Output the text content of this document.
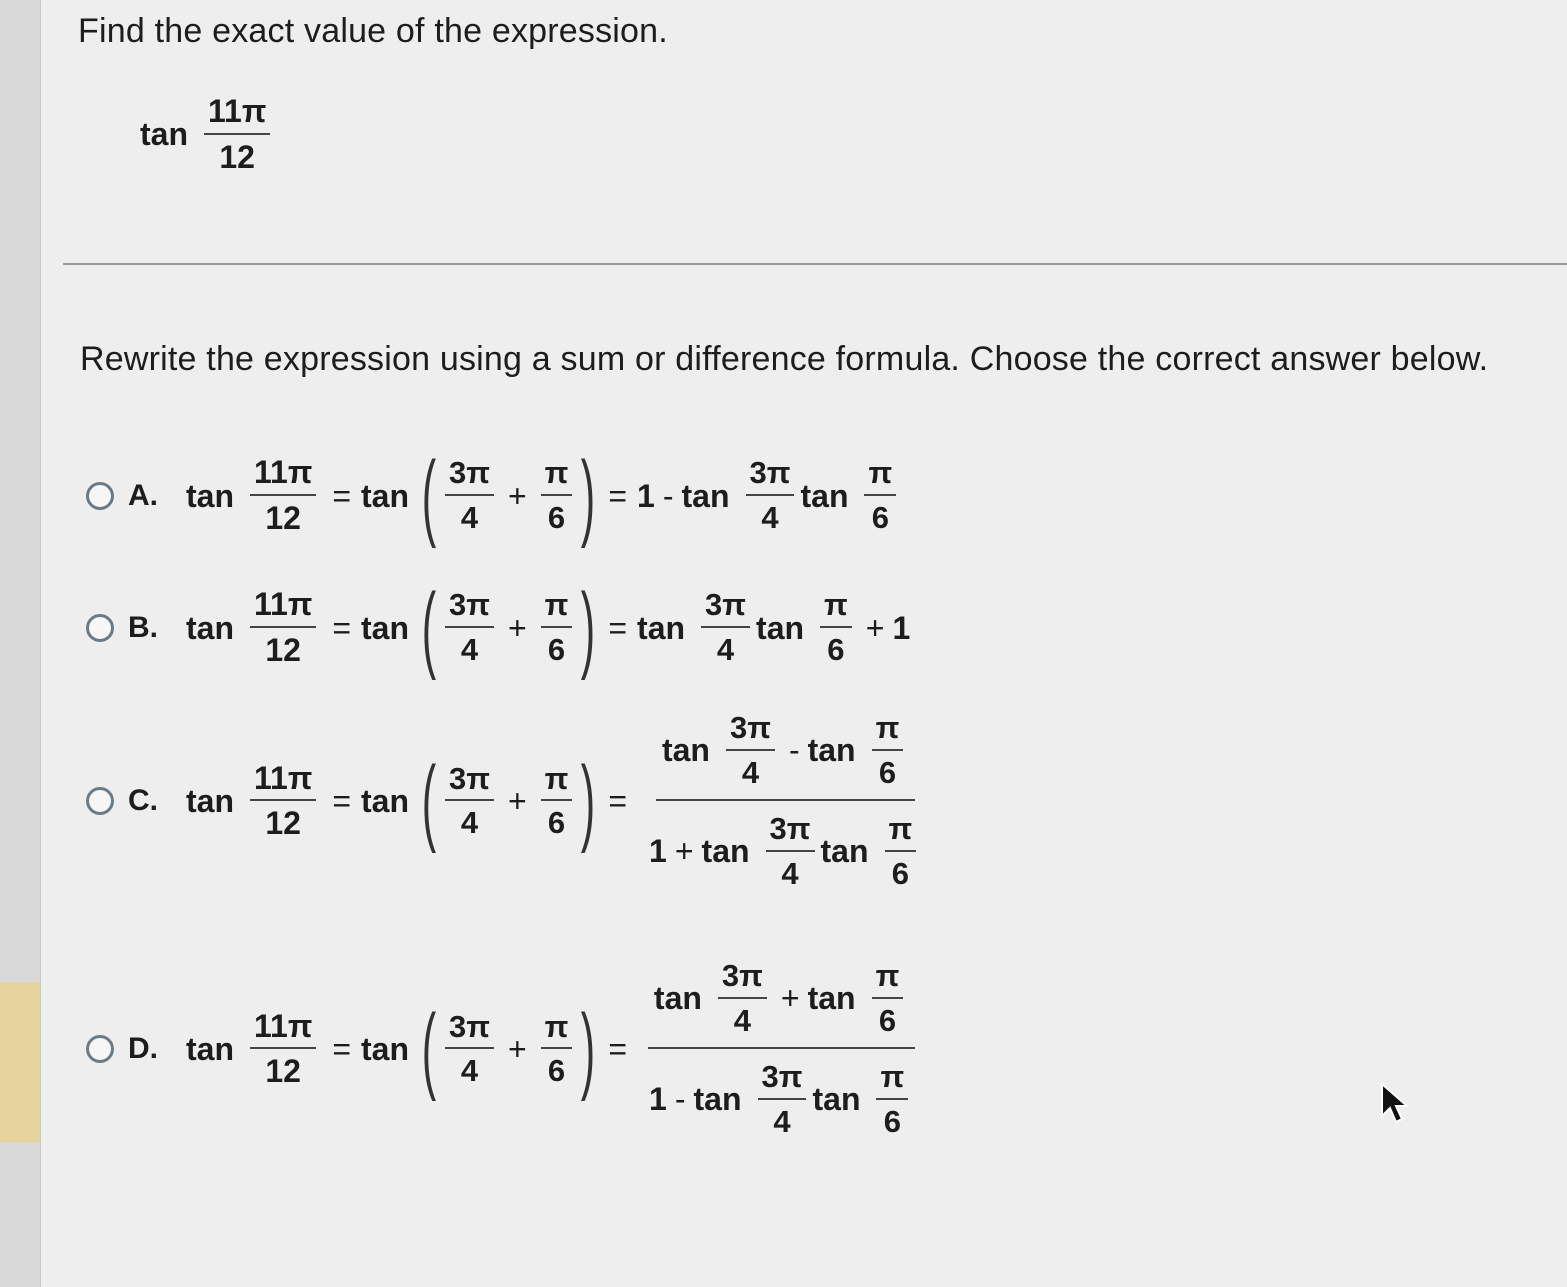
Find the exact value of the expression.
$\tan \frac{11\pi}{12}$
Rewrite the expression using a sum or difference formula. Choose the correct answer below.
A. $\tan \frac{11\pi}{12} = \tan$ ( $\frac{3\pi}{4} + \frac{\pi}{6}$ ) = $1 - \tan \frac{3\pi}{4}$ $\tan \frac{\pi}{6}$
B. $\tan \frac{11\pi}{12} = \tan$ ( $\frac{3\pi}{4} + \frac{\pi}{6}$ ) = $\tan \frac{3\pi}{4}$ $\tan \frac{\pi}{6} + 1$
C. $\tan \frac{11\pi}{12} = \tan$ ( $\frac{3\pi}{4} + \frac{\pi}{6}$ ) = $\frac{\tan \frac{3\pi}{4} - \tan \frac{\pi}{6}}{1 + \tan \frac{3\pi}{4} \tan \frac{\pi}{6}}$
D. $\tan \frac{11\pi}{12} = \tan$ ( $\frac{3\pi}{4} + \frac{\pi}{6}$ ) = $\frac{\tan \frac{3\pi}{4} + \tan \frac{\pi}{6}}{1 - \tan \frac{3\pi}{4} \tan \frac{\pi}{6}}$
